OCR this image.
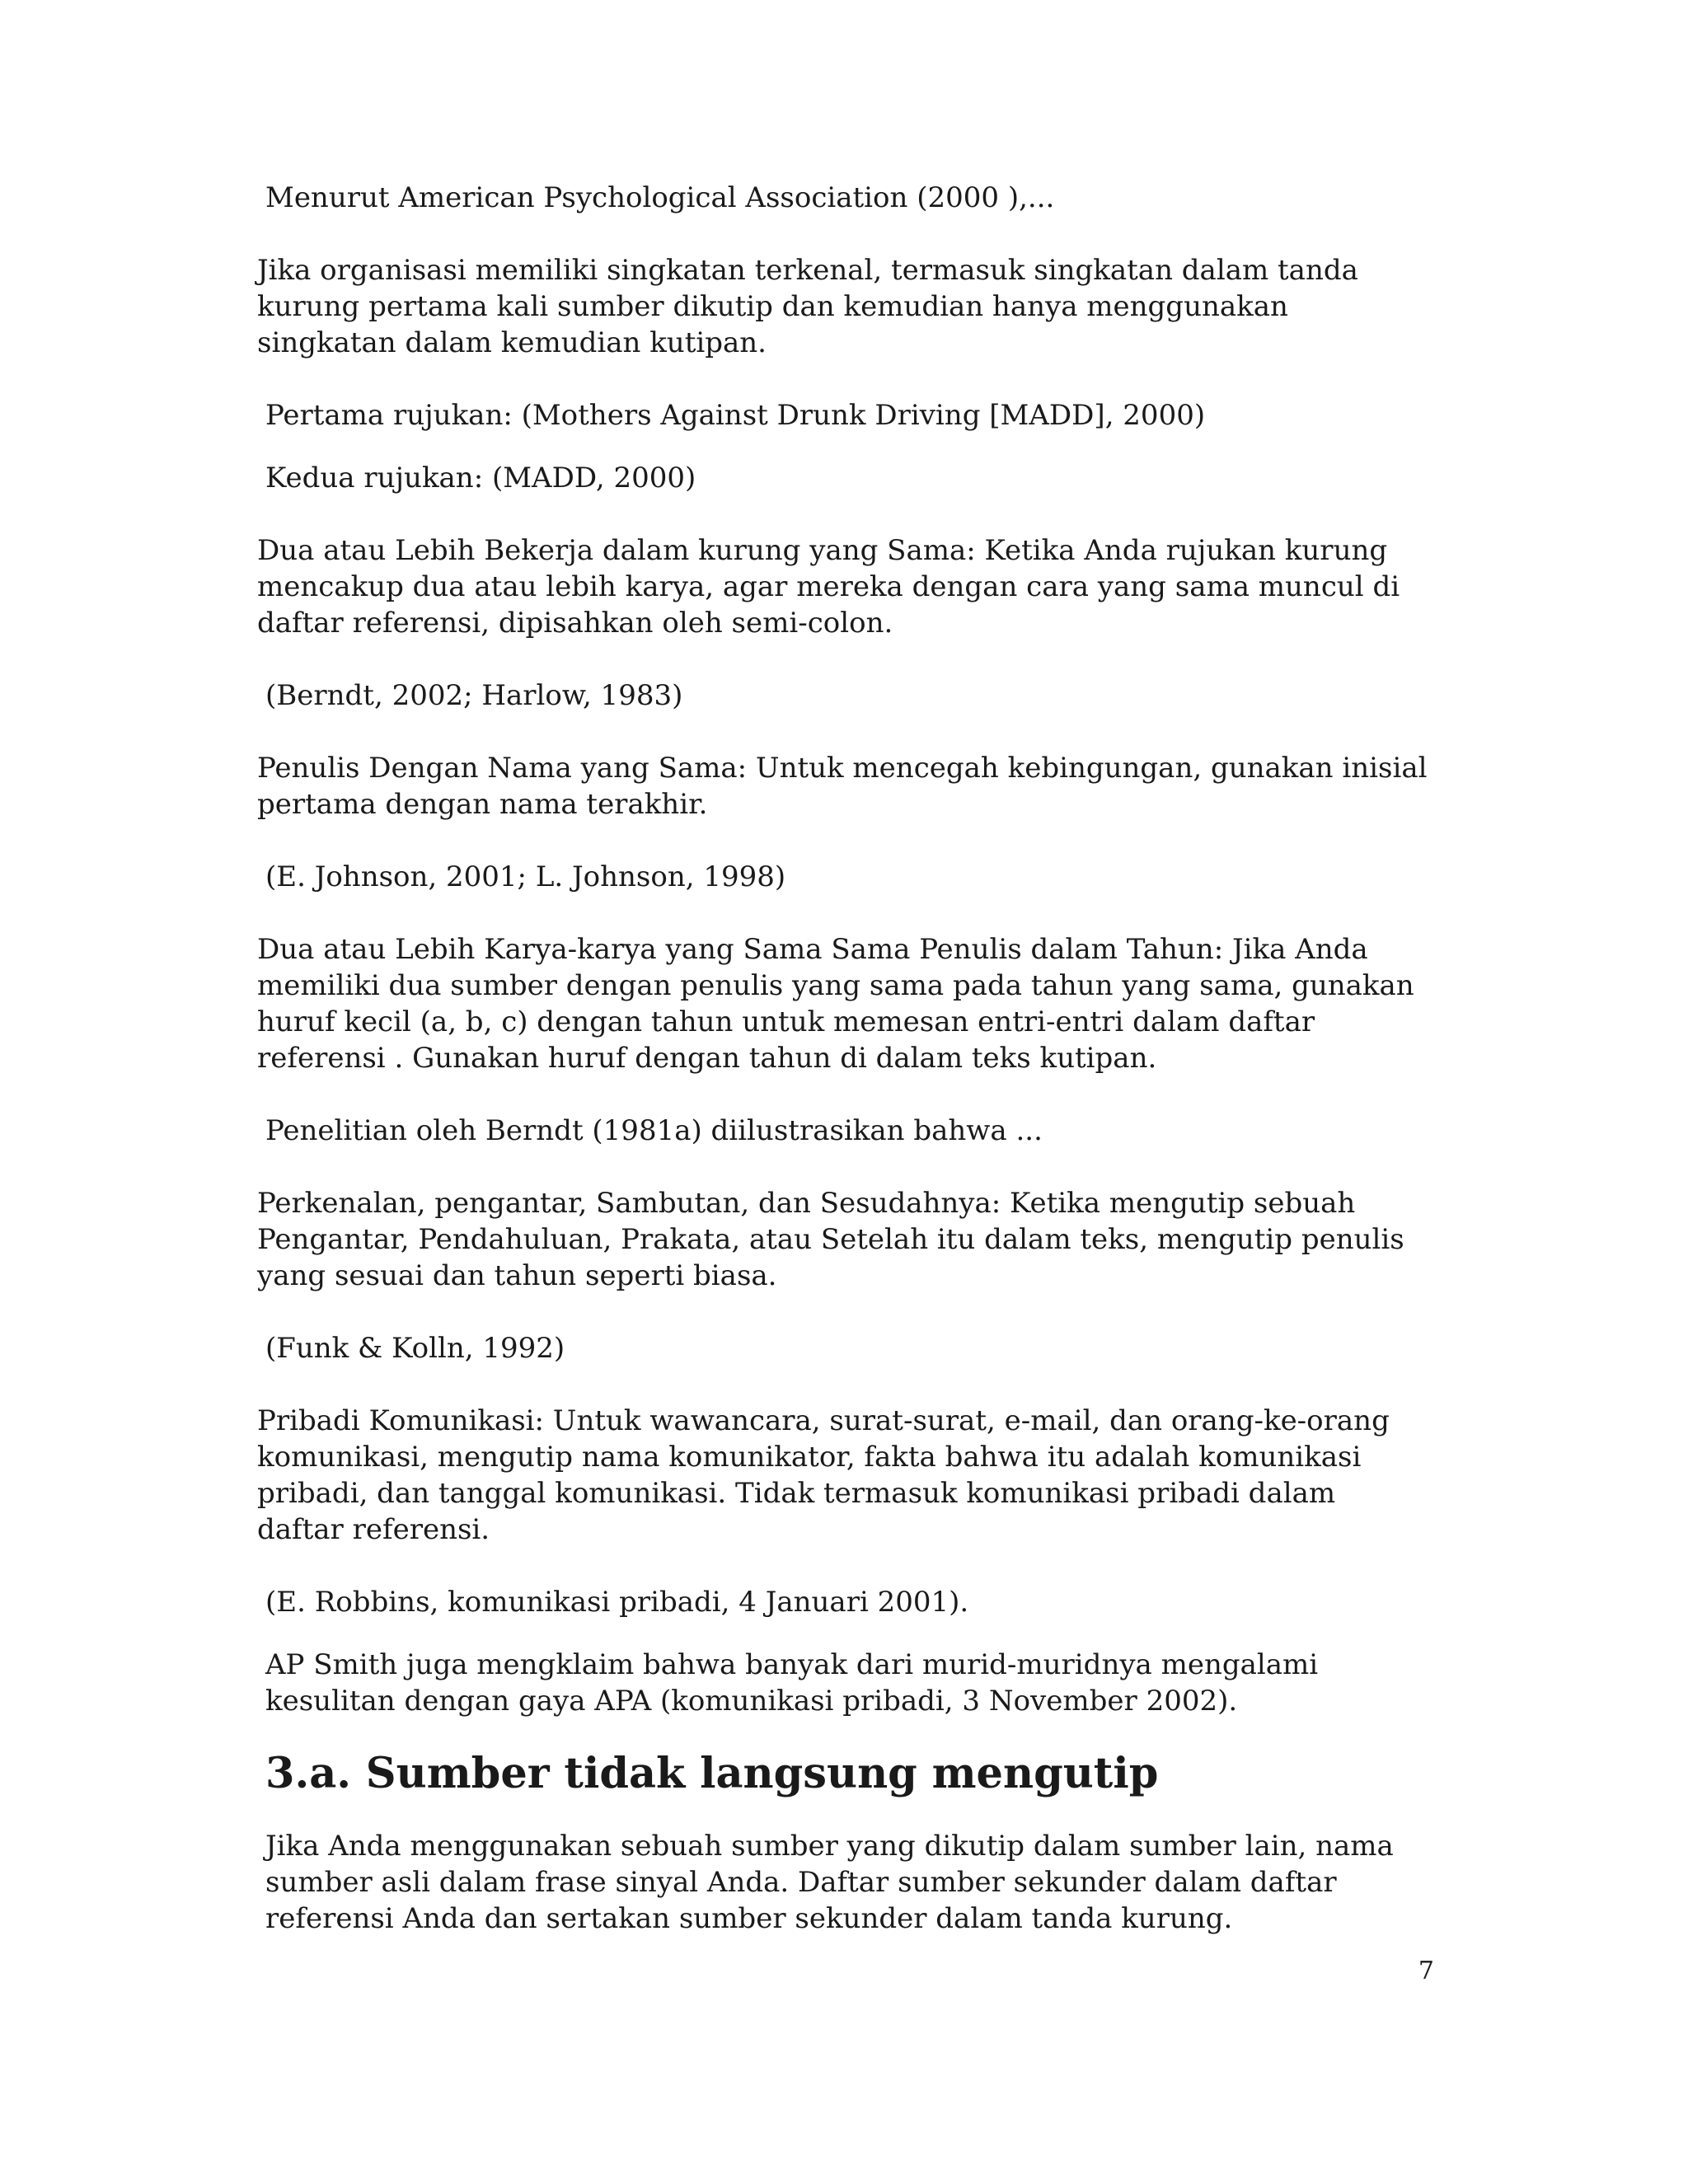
Menurut American Psychological Association (2000 ),...

Jika organisasi memiliki singkatan terkenal, termasuk singkatan dalam tanda kurung pertama kali sumber dikutip dan kemudian hanya menggunakan singkatan dalam kemudian kutipan.

Pertama rujukan: (Mothers Against Drunk Driving [MADD], 2000)

Kedua rujukan: (MADD, 2000)

Dua atau Lebih Bekerja dalam kurung yang Sama: Ketika Anda rujukan kurung mencakup dua atau lebih karya, agar mereka dengan cara yang sama muncul di daftar referensi, dipisahkan oleh semi-colon.

(Berndt, 2002; Harlow, 1983)

Penulis Dengan Nama yang Sama: Untuk mencegah kebingungan, gunakan inisial pertama dengan nama terakhir.

(E. Johnson, 2001; L. Johnson, 1998)

Dua atau Lebih Karya-karya yang Sama Sama Penulis dalam Tahun: Jika Anda memiliki dua sumber dengan penulis yang sama pada tahun yang sama, gunakan huruf kecil (a, b, c) dengan tahun untuk memesan entri-entri dalam daftar referensi . Gunakan huruf dengan tahun di dalam teks kutipan.

Penelitian oleh Berndt (1981a) diilustrasikan bahwa ...

Perkenalan, pengantar, Sambutan, dan Sesudahnya: Ketika mengutip sebuah Pengantar, Pendahuluan, Prakata, atau Setelah itu dalam teks, mengutip penulis yang sesuai dan tahun seperti biasa.

(Funk & Kolln, 1992)

Pribadi Komunikasi: Untuk wawancara, surat-surat, e-mail, dan orang-ke-orang komunikasi, mengutip nama komunikator, fakta bahwa itu adalah komunikasi pribadi, dan tanggal komunikasi. Tidak termasuk komunikasi pribadi dalam daftar referensi.

(E. Robbins, komunikasi pribadi, 4 Januari 2001).

AP Smith juga mengklaim bahwa banyak dari murid-muridnya mengalami kesulitan dengan gaya APA (komunikasi pribadi, 3 November 2002).

3.a. Sumber tidak langsung mengutip

Jika Anda menggunakan sebuah sumber yang dikutip dalam sumber lain, nama sumber asli dalam frase sinyal Anda. Daftar sumber sekunder dalam daftar referensi Anda dan sertakan sumber sekunder dalam tanda kurung.

7
